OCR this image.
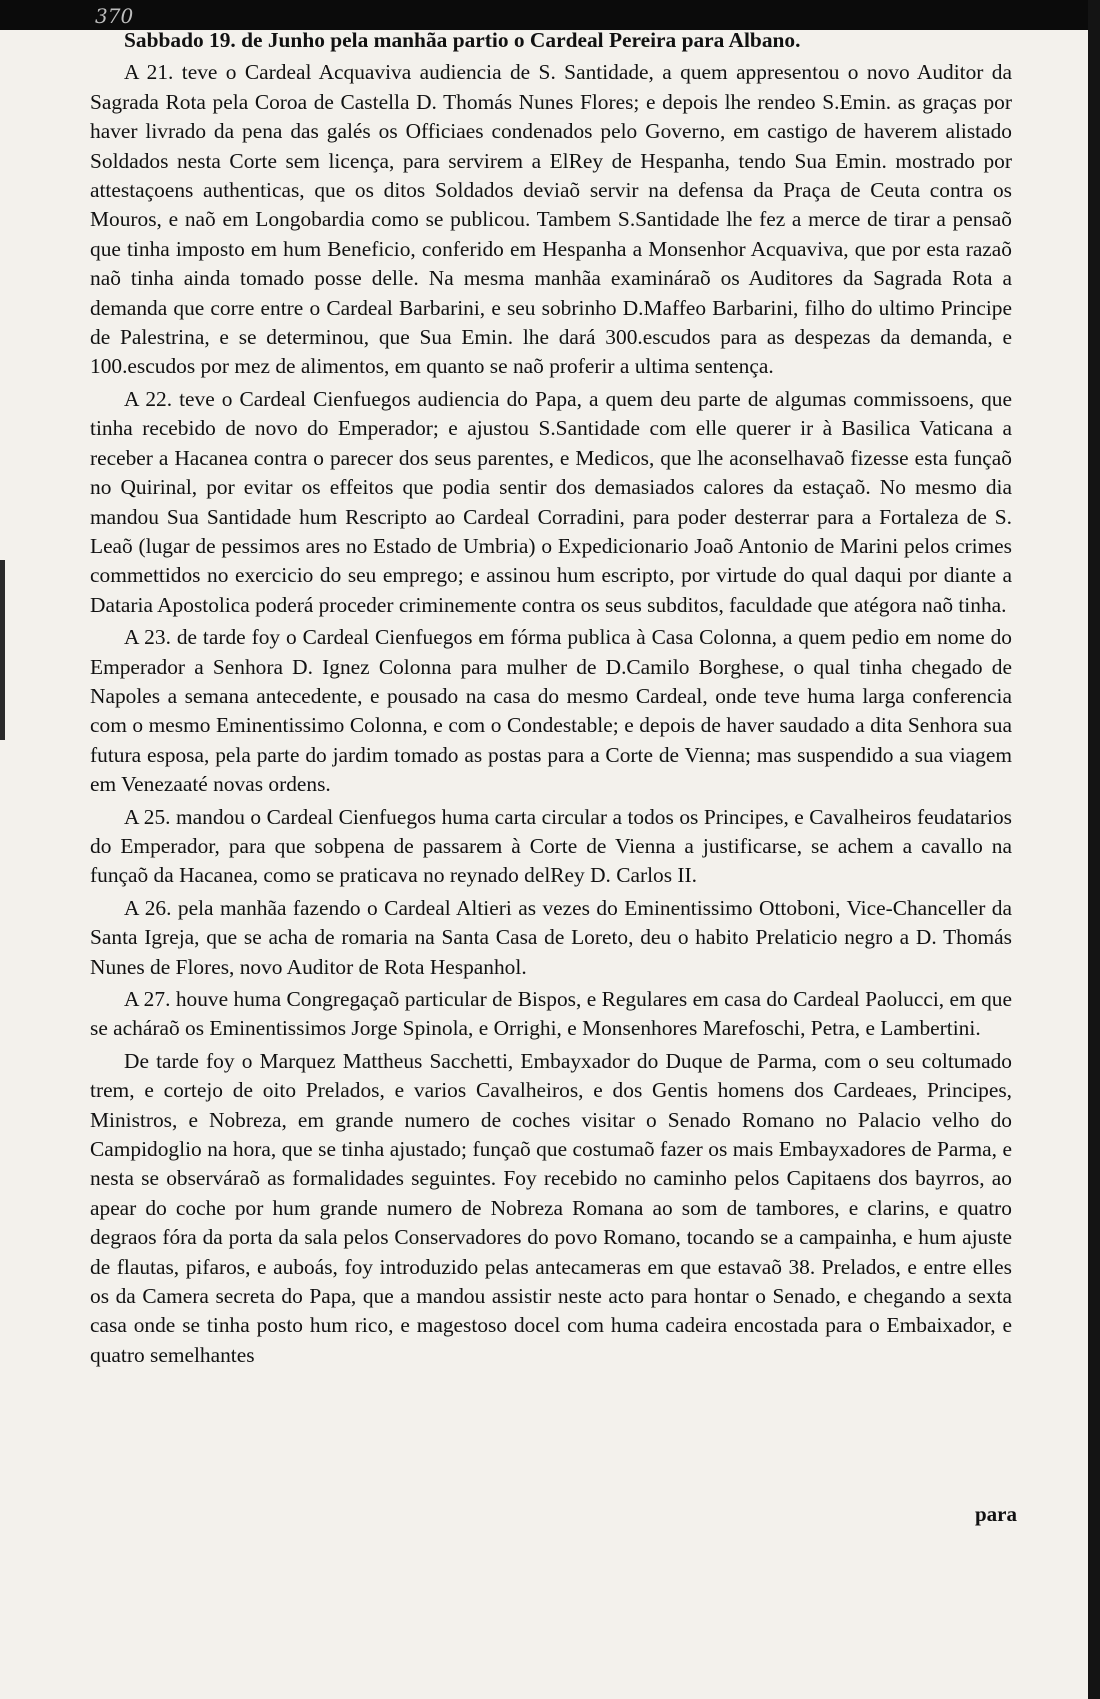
370

Sabbado 19. de Junho pela manhãa partio o Cardeal Pereira para Albano.

A 21. teve o Cardeal Acquaviva audiencia de S. Santidade, a quem appresentou o novo Auditor da Sagrada Rota pela Coroa de Castella D. Thomás Nunes Flores; e depois lhe rendeo S.Emin. as graças por haver livrado da pena das galés os Officiaes condenados pelo Governo, em castigo de haverem alistado Soldados nesta Corte sem licença, para servirem a ElRey de Hespanha, tendo Sua Emin. mostrado por attestaçoens authenticas, que os ditos Soldados deviaõ servir na defensa da Praça de Ceuta contra os Mouros, e naõ em Longobardia como se publicou. Tambem S.Santidade lhe fez a merce de tirar a pensaõ que tinha imposto em hum Beneficio, conferido em Hespanha a Monsenhor Acquaviva, que por esta razaõ naõ tinha ainda tomado posse delle. Na mesma manhãa examináraõ os Auditores da Sagrada Rota a demanda que corre entre o Cardeal Barbarini, e seu sobrinho D.Maffeo Barbarini, filho do ultimo Principe de Palestrina, e se determinou, que Sua Emin. lhe dará 300.escudos para as despezas da demanda, e 100.escudos por mez de alimentos, em quanto se naõ proferir a ultima sentença.

A 22. teve o Cardeal Cienfuegos audiencia do Papa, a quem deu parte de algumas commissoens, que tinha recebido de novo do Emperador; e ajustou S.Santidade com elle querer ir à Basilica Vaticana a receber a Hacanea contra o parecer dos seus parentes, e Medicos, que lhe aconselhavaõ fizesse esta funçaõ no Quirinal, por evitar os effeitos que podia sentir dos demasiados calores da estaçaõ. No mesmo dia mandou Sua Santidade hum Rescripto ao Cardeal Corradini, para poder desterrar para a Fortaleza de S. Leaõ (lugar de pessimos ares no Estado de Umbria) o Expedicionario Joaõ Antonio de Marini pelos crimes commettidos no exercicio do seu emprego; e assinou hum escripto, por virtude do qual daqui por diante a Dataria Apostolica poderá proceder criminemente contra os seus subditos, faculdade que atégora naõ tinha.

A 23. de tarde foy o Cardeal Cienfuegos em fórma publica à Casa Colonna, a quem pedio em nome do Emperador a Senhora D. Ignez Colonna para mulher de D.Camilo Borghese, o qual tinha chegado de Napoles a semana antecedente, e pousado na casa do mesmo Cardeal, onde teve huma larga conferencia com o mesmo Eminentissimo Colonna, e com o Condestable; e depois de haver saudado a dita Senhora sua futura esposa, pela parte do jardim tomado as postas para a Corte de Vienna; mas suspendido a sua viagem em Venezaaté novas ordens.

A 25. mandou o Cardeal Cienfuegos huma carta circular a todos os Principes, e Cavalheiros feudatarios do Emperador, para que sobpena de passarem à Corte de Vienna a justificarse, se achem a cavallo na funçaõ da Hacanea, como se praticava no reynado delRey D. Carlos II.

A 26. pela manhãa fazendo o Cardeal Altieri as vezes do Eminentissimo Ottoboni, Vice-Chanceller da Santa Igreja, que se acha de romaria na Santa Casa de Loreto, deu o habito Prelaticio negro a D. Thomás Nunes de Flores, novo Auditor de Rota Hespanhol.

A 27. houve huma Congregaçaõ particular de Bispos, e Regulares em casa do Cardeal Paolucci, em que se acháraõ os Eminentissimos Jorge Spinola, e Orrighi, e Monsenhores Marefoschi, Petra, e Lambertini.

De tarde foy o Marquez Mattheus Sacchetti, Embayxador do Duque de Parma, com o seu coltumado trem, e cortejo de oito Prelados, e varios Cavalheiros, e dos Gentis homens dos Cardeaes, Principes, Ministros, e Nobreza, em grande numero de coches visitar o Senado Romano no Palacio velho do Campidoglio na hora, que se tinha ajustado; funçaõ que costumaõ fazer os mais Embayxadores de Parma, e nesta se observáraõ as formalidades seguintes. Foy recebido no caminho pelos Capitaens dos bayrros, ao apear do coche por hum grande numero de Nobreza Romana ao som de tambores, e clarins, e quatro degraos fóra da porta da sala pelos Conservadores do povo Romano, tocando se a campainha, e hum ajuste de flautas, pifaros, e auboás, foy introduzido pelas antecameras em que estavaõ 38. Prelados, e entre elles os da Camera secreta do Papa, que a mandou assistir neste acto para hontar o Senado, e chegando a sexta casa onde se tinha posto hum rico, e magestoso docel com huma cadeira encostada para o Embaixador, e quatro semelhantes

para
